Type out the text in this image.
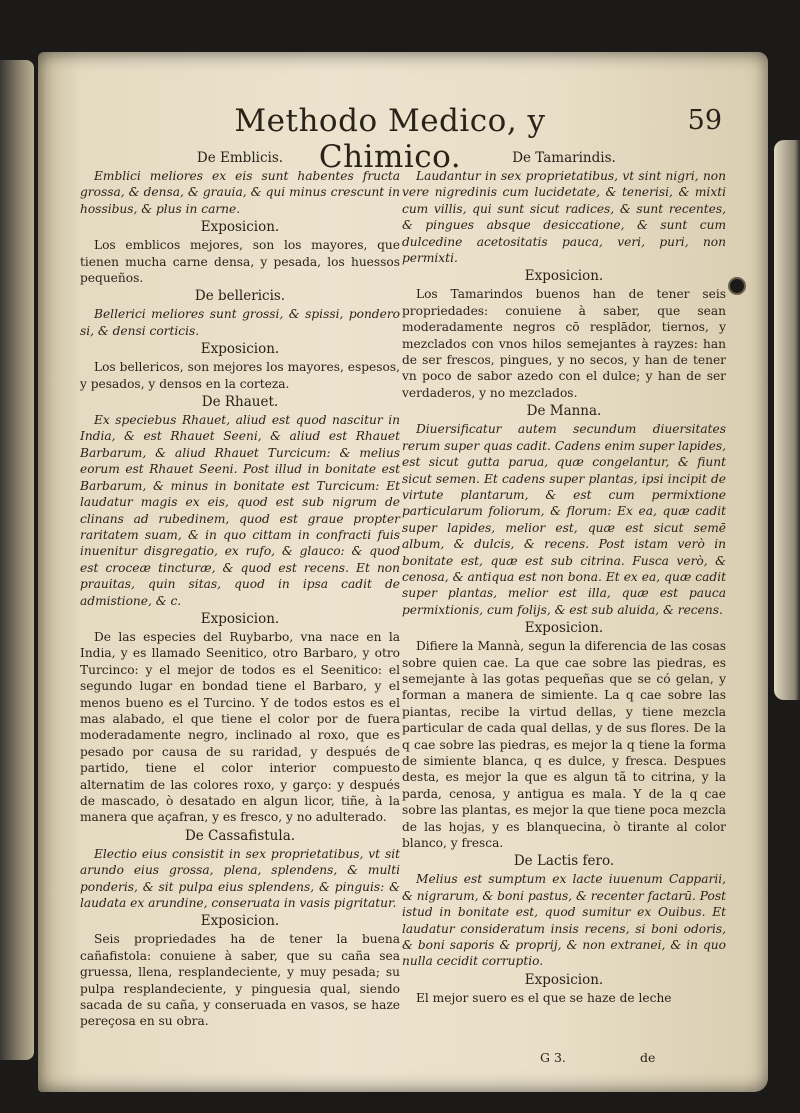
Methodo Medico, y Chimico.
59
De Emblicis.

Emblici meliores ex eis sunt habentes fructa grossa, & densa, & grauia, & qui minus crescunt in hossibus, & plus in carne.

Exposicion.

Los emblicos mejores, son los mayores, que tienen mucha carne densa, y pesada, los huessos pequeños.

De bellericis.

Bellerici meliores sunt grossi, & spissi, pondero si, & densi corticis.

Exposicion.

Los bellericos, son mejores los mayores, espesos, y pesados, y densos en la corteza.

De Rhauet.

Ex speciebus Rhauet, aliud est quod nascitur in India, & est Rhauet Seeni, & aliud est Rhauet Barbarum, & aliud Rhauet Turcicum: & melius eorum est Rhauet Seeni. Post illud in bonitate est Barbarum, & minus in bonitate est Turcicum: Et laudatur magis ex eis, quod est sub nigrum de clinans ad rubedinem, quod est graue propter raritatem suam, & in quo cittam in confracti fuis inuenitur disgregatio, ex rufo, & glauco: & quod est croceæ tincturæ, & quod est recens. Et non prauitas, quin sitas, quod in ipsa cadit de admistione, & c.

Exposicion.

De las especies del Ruybarbo, vna nace en la India, y es llamado Seenitico, otro Barbaro, y otro Turcinco: y el mejor de todos es el Seenitico: el segundo lugar en bondad tiene el Barbaro, y el menos bueno es el Turcino. Y de todos estos es el mas alabado, el que tiene el color por de fuera moderadamente negro, inclinado al roxo, que es pesado por causa de su raridad, y después de partido, tiene el color interior compuesto alternatim de las colores roxo, y garço: y después de mascado, ò desatado en algun licor, tiñe, à la manera que açafran, y es fresco, y no adulterado.

De Cassafistula.

Electio eius consistit in sex proprietatibus, vt sit arundo eius grossa, plena, splendens, & multi ponderis, & sit pulpa eius splendens, & pinguis: & laudata ex arundine, conseruata in vasis pigritatur.

Exposicion.

Seis propriedades ha de tener la buena cañafistola: conuiene à saber, que su caña sea gruessa, llena, resplandeciente, y muy pesada; su pulpa resplandeciente, y pinguesia qual, siendo sacada de su caña, y conseruada en vasos, se haze pereçosa en su obra.

De Tamarindis.

Laudantur in sex proprietatibus, vt sint nigri, non vere nigredinis cum lucidetate, & tenerisi, & mixti cum villis, qui sunt sicut radices, & sunt recentes, & pingues absque desiccatione, & sunt cum dulcedine acetositatis pauca, veri, puri, non permixti.

Exposicion.

Los Tamarindos buenos han de tener seis propriedades: conuiene à saber, que sean moderadamente negros cō resplādor, tiernos, y mezclados con vnos hilos semejantes à rayzes: han de ser frescos, pingues, y no secos, y han de tener vn poco de sabor azedo con el dulce; y han de ser verdaderos, y no mezclados.

De Manna.

Diuersificatur autem secundum diuersitates rerum super quas cadit. Cadens enim super lapides, est sicut gutta parua, quæ congelantur, & fiunt sicut semen. Et cadens super plantas, ipsi incipit de virtute plantarum, & est cum permixtione particularum foliorum, & florum: Ex ea, quæ cadit super lapides, melior est, quæ est sicut semē album, & dulcis, & recens. Post istam verò in bonitate est, quæ est sub citrina. Fusca verò, & cenosa, & antiqua est non bona. Et ex ea, quæ cadit super plantas, melior est illa, quæ est pauca permixtionis, cum folijs, & est sub aluida, & recens.

Exposicion.

Difiere la Mannà, segun la diferencia de las cosas sobre quien cae. La que cae sobre las piedras, es semejante à las gotas pequeñas que se có gelan, y forman a manera de simiente. La q cae sobre las piantas, recibe la virtud dellas, y tiene mezcla particular de cada qual dellas, y de sus flores. De la q cae sobre las piedras, es mejor la q tiene la forma de simiente blanca, q es dulce, y fresca. Despues desta, es mejor la que es algun tã to citrina, y la parda, cenosa, y antigua es mala. Y de la q cae sobre las plantas, es mejor la que tiene poca mezcla de las hojas, y es blanquecina, ò tirante al color blanco, y fresca.

De Lactis fero.

Melius est sumptum ex lacte iuuenum Capparii, & nigrarum, & boni pastus, & recenter factarū. Post istud in bonitate est, quod sumitur ex Ouibus. Et laudatur consideratum insis recens, si boni odoris, & boni saporis & proprij, & non extranei, & in quo nulla cecidit corruptio.

Exposicion.

El mejor suero es el que se haze de leche

G 3.	de
